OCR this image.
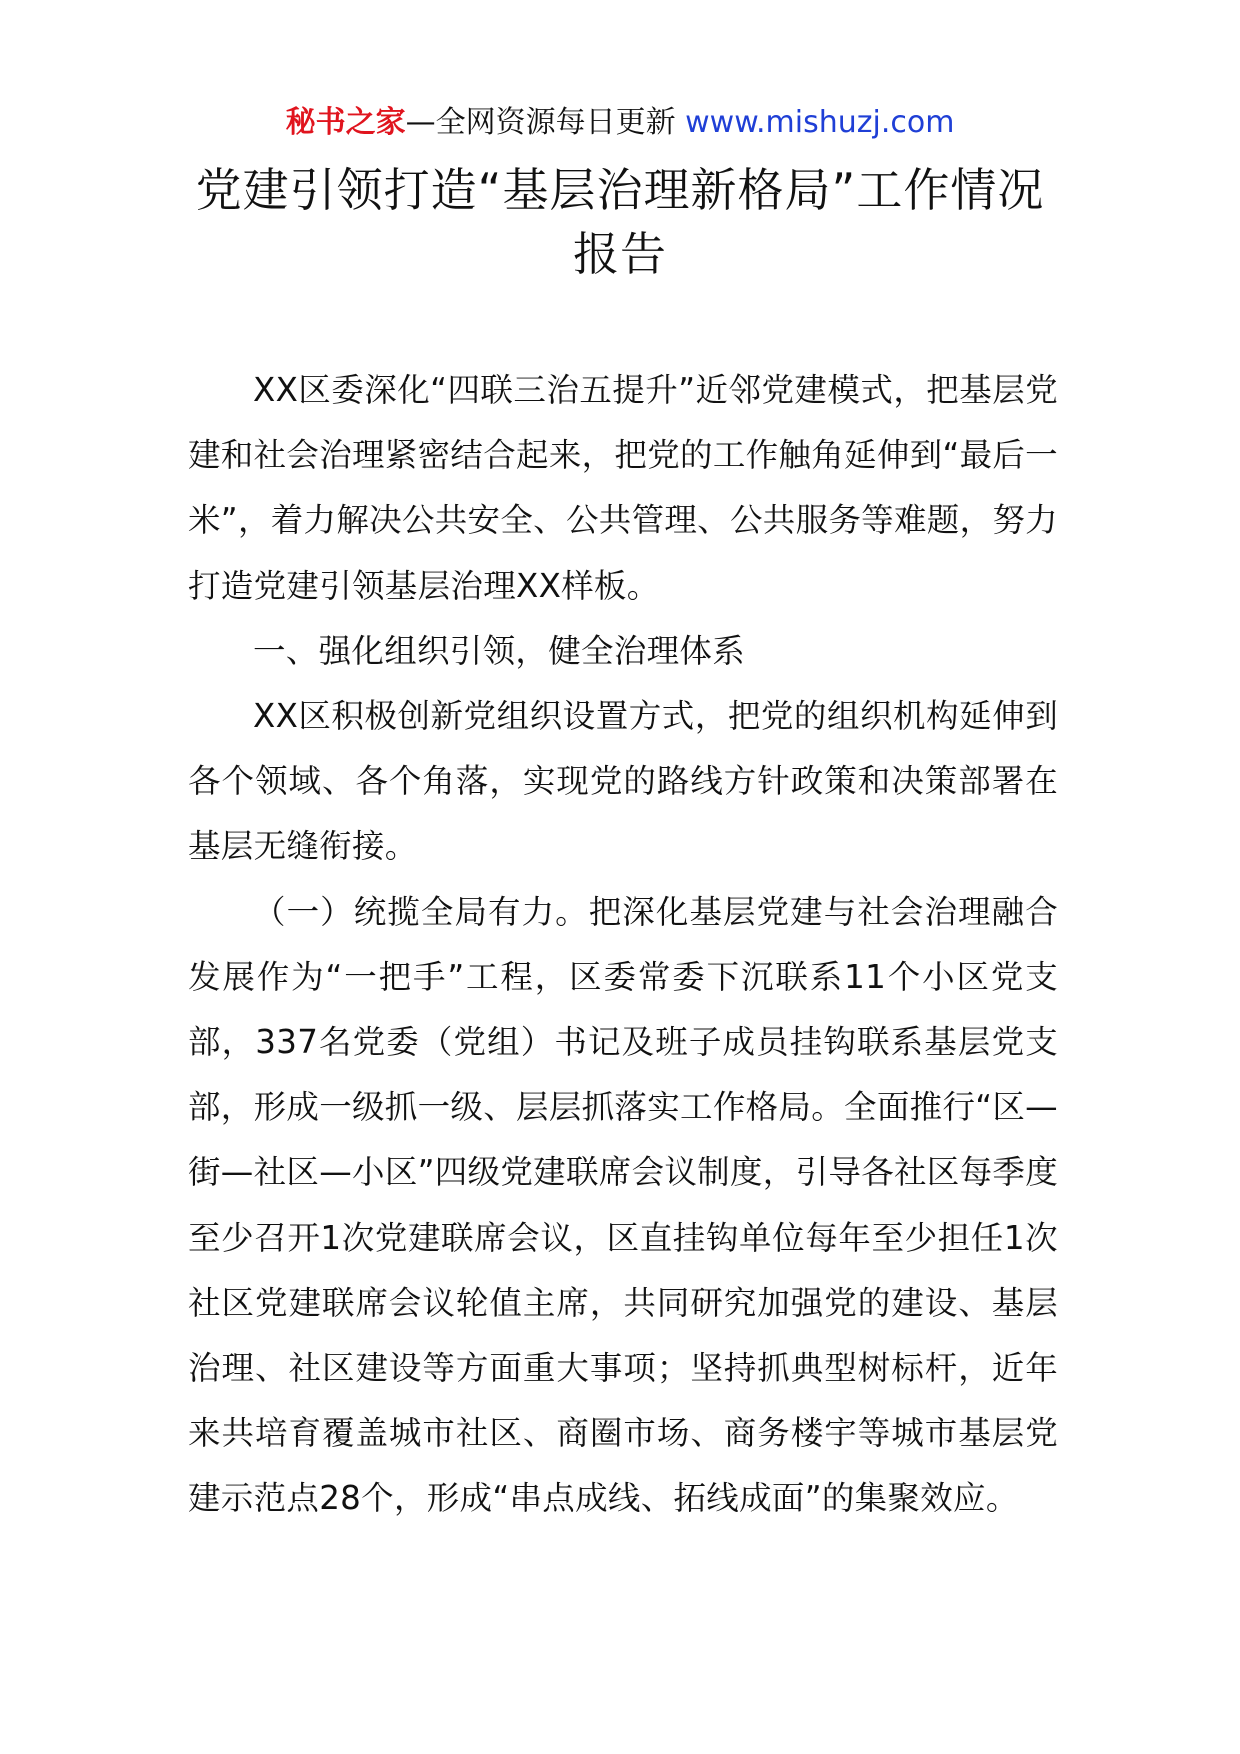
秘书之家—全网资源每日更新 www.mishuzj.com
党建引领打造“基层治理新格局”工作情况报告

XX区委深化“四联三治五提升”近邻党建模式，把基层党建和社会治理紧密结合起来，把党的工作触角延伸到“最后一米”，着力解决公共安全、公共管理、公共服务等难题，努力打造党建引领基层治理XX样板。

一、强化组织引领，健全治理体系

XX区积极创新党组织设置方式，把党的组织机构延伸到各个领域、各个角落，实现党的路线方针政策和决策部署在基层无缝衔接。

（一）统揽全局有力。把深化基层党建与社会治理融合发展作为“一把手”工程，区委常委下沉联系11个小区党支部，337名党委（党组）书记及班子成员挂钩联系基层党支部，形成一级抓一级、层层抓落实工作格局。全面推行“区—街—社区—小区”四级党建联席会议制度，引导各社区每季度至少召开1次党建联席会议，区直挂钩单位每年至少担任1次社区党建联席会议轮值主席，共同研究加强党的建设、基层治理、社区建设等方面重大事项；坚持抓典型树标杆，近年来共培育覆盖城市社区、商圈市场、商务楼宇等城市基层党建示范点28个，形成“串点成线、拓线成面”的集聚效应。
